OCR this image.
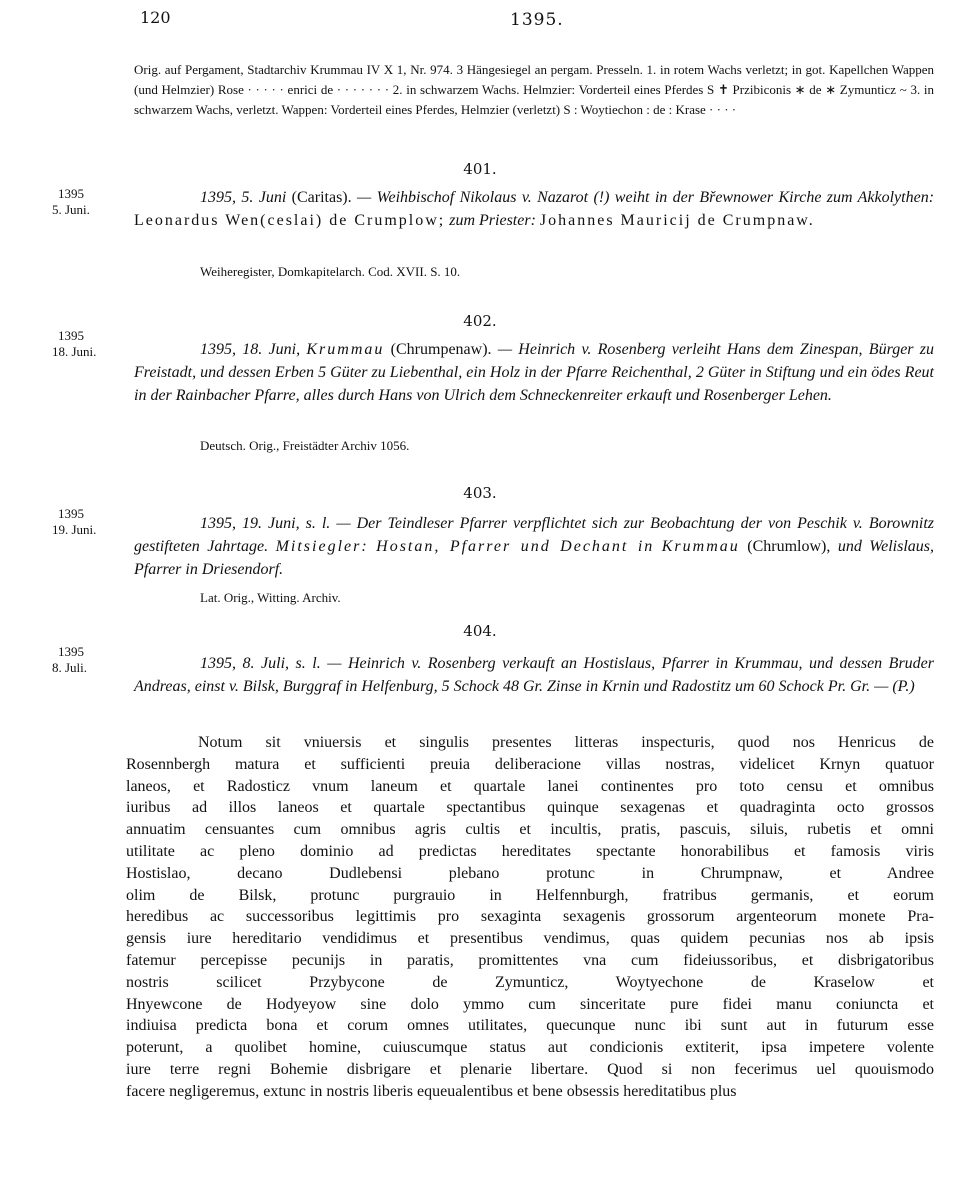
120	1395.
Orig. auf Pergament, Stadtarchiv Krummau IV X 1, Nr. 974. 3 Hängesiegel an pergam. Presseln. 1. in rotem Wachs verletzt; in got. Kapellchen Wappen (und Helmzier) Rose · · · · · enrici de · · · · · · · 2. in schwarzem Wachs. Helmzier: Vorderteil eines Pferdes S ✝ Przibiconis ∗ de ∗ Zymunticz ~ 3. in schwarzem Wachs, verletzt. Wappen: Vorderteil eines Pferdes, Helmzier (verletzt) S : Woytiechon : de : Krase · · · ·
401.
1395
5. Juni.
1395, 5. Juni (Caritas). — Weihbischof Nikolaus v. Nazarot (!) weiht in der Břewnower Kirche zum Akkolythen: Leonardus Wen(ceslai) de Crumplow; zum Priester: Johannes Mauricij de Crumpnaw.
Weiheregister, Domkapitelarch. Cod. XVII. S. 10.
402.
1395
18. Juni.	1395, 18. Juni, Krummau (Chrumpenaw). — Heinrich v. Rosenberg verleiht Hans dem Zinespan, Bürger zu Freistadt, und dessen Erben 5 Güter zu Liebenthal, ein Holz in der Pfarre Reichenthal, 2 Güter in Stiftung und ein ödes Reut in der Rainbacher Pfarre, alles durch Hans von Ulrich dem Schneckenreiter erkauft und Rosenberger Lehen.
Deutsch. Orig., Freistädter Archiv 1056.
403.
1395
19. Juni.	1395, 19. Juni, s. l. — Der Teindleser Pfarrer verpflichtet sich zur Beobachtung der von Peschik v. Borownitz gestifteten Jahrtage. Mitsiegler: Hostan, Pfarrer und Dechant in Krummau (Chrumlow), und Welislaus, Pfarrer in Driesendorf.
Lat. Orig., Witting. Archiv.
404.
1395
8. Juli.	1395, 8. Juli, s. l. — Heinrich v. Rosenberg verkauft an Hostislaus, Pfarrer in Krummau, und dessen Bruder Andreas, einst v. Bilsk, Burggraf in Helfenburg, 5 Schock 48 Gr. Zinse in Krnin und Radostitz um 60 Schock Pr. Gr. — (P.)

Notum sit vniuersis et singulis presentes litteras inspecturis, quod nos Henricus de

Rosennbergh matura et sufficienti preuia deliberacione villas nostras, videlicet Krnyn quatuor

laneos, et Radosticz vnum laneum et quartale lanei continentes pro toto censu et omnibus

iuribus ad illos laneos et quartale spectantibus quinque sexagenas et quadraginta octo grossos

annuatim censuantes cum omnibus agris cultis et incultis, pratis, pascuis, siluis, rubetis et omni

utilitate ac pleno dominio ad predictas hereditates spectante honorabilibus et famosis viris

Hostislao, decano Dudlebensi plebano protunc in Chrumpnaw, et Andree

olim de Bilsk, protunc purgrauio in Helfennburgh, fratribus germanis, et eorum

heredibus ac successoribus legittimis pro sexaginta sexagenis grossorum argenteorum monete Pra-

gensis iure hereditario vendidimus et presentibus vendimus, quas quidem pecunias nos ab ipsis

fatemur percepisse pecunijs in paratis, promittentes vna cum fideiussoribus, et disbrigatoribus

nostris scilicet Przybycone de Zymunticz, Woytyechone de Kraselow et

Hnyewcone de Hodyeyow sine dolo ymmo cum sinceritate pure fidei manu coniuncta et

indiuisa predicta bona et corum omnes utilitates, quecunque nunc ibi sunt aut in futurum esse

poterunt, a quolibet homine, cuiuscumque status aut condicionis extiterit, ipsa impetere volente

iure terre regni Bohemie disbrigare et plenarie libertare. Quod si non fecerimus uel quouismodo

facere negligeremus, extunc in nostris liberis equeualentibus et bene obsessis hereditatibus plus
